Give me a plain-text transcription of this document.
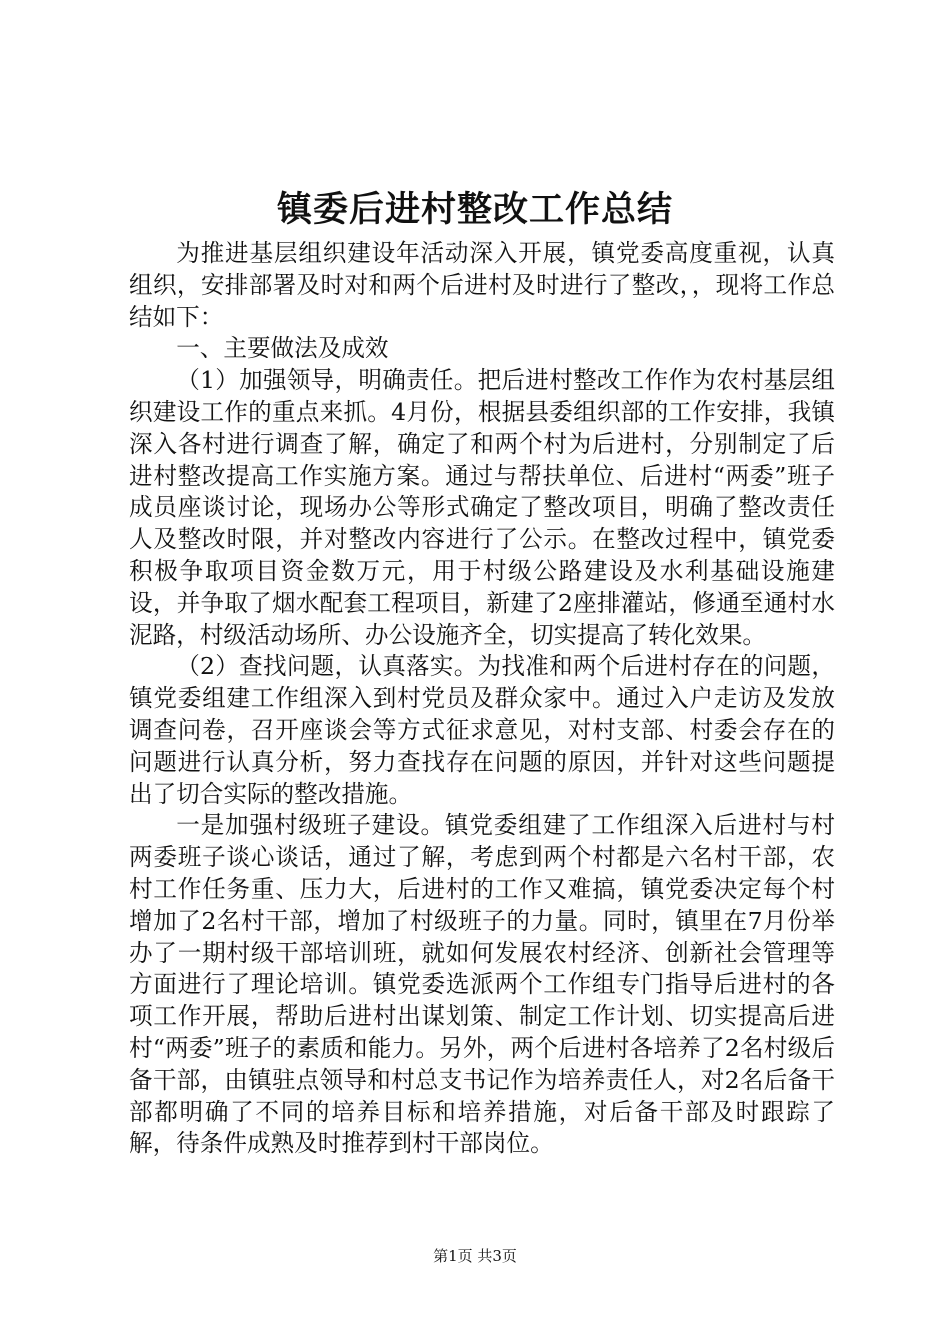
镇委后进村整改工作总结

为推进基层组织建设年活动深入开展，镇党委高度重视，认真组织，安排部署及时对和两个后进村及时进行了整改，，现将工作总结如下：

一、主要做法及成效

（1）加强领导，明确责任。把后进村整改工作作为农村基层组织建设工作的重点来抓。4月份，根据县委组织部的工作安排，我镇深入各村进行调查了解，确定了和两个村为后进村，分别制定了后进村整改提高工作实施方案。通过与帮扶单位、后进村“两委”班子成员座谈讨论，现场办公等形式确定了整改项目，明确了整改责任人及整改时限，并对整改内容进行了公示。在整改过程中，镇党委积极争取项目资金数万元，用于村级公路建设及水利基础设施建设，并争取了烟水配套工程项目，新建了2座排灌站，修通至通村水泥路，村级活动场所、办公设施齐全，切实提高了转化效果。

（2）查找问题，认真落实。为找准和两个后进村存在的问题，镇党委组建工作组深入到村党员及群众家中。通过入户走访及发放调查问卷，召开座谈会等方式征求意见，对村支部、村委会存在的问题进行认真分析，努力查找存在问题的原因，并针对这些问题提出了切合实际的整改措施。

一是加强村级班子建设。镇党委组建了工作组深入后进村与村两委班子谈心谈话，通过了解，考虑到两个村都是六名村干部，农村工作任务重、压力大，后进村的工作又难搞，镇党委决定每个村增加了2名村干部，增加了村级班子的力量。同时，镇里在7月份举办了一期村级干部培训班，就如何发展农村经济、创新社会管理等方面进行了理论培训。镇党委选派两个工作组专门指导后进村的各项工作开展，帮助后进村出谋划策、制定工作计划、切实提高后进村“两委”班子的素质和能力。另外，两个后进村各培养了2名村级后备干部，由镇驻点领导和村总支书记作为培养责任人，对2名后备干部都明确了不同的培养目标和培养措施，对后备干部及时跟踪了解，待条件成熟及时推荐到村干部岗位。

第1页 共3页
